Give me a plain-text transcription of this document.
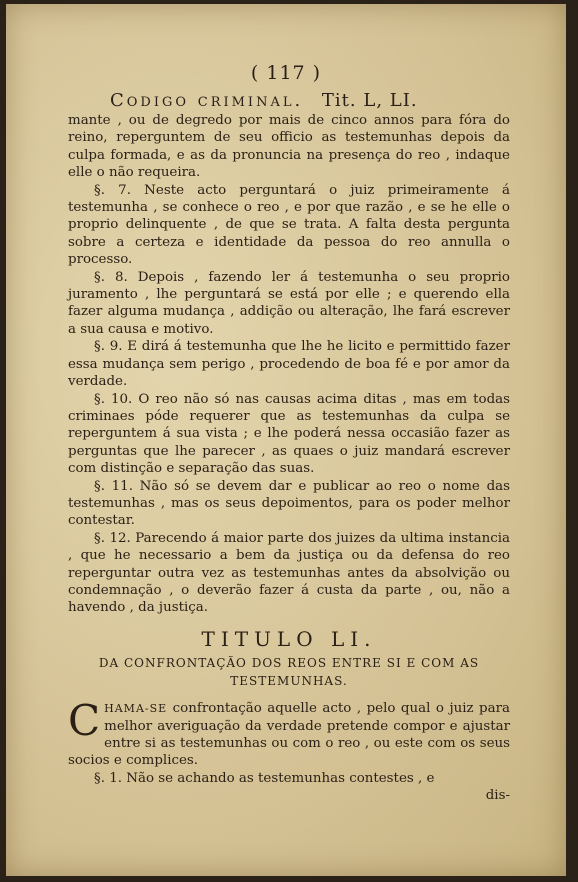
( 117 )
Codigo criminal. Tit. L, LI.

mante , ou de degredo por mais de cinco annos para fóra do reino, reperguntem de seu officio as testemunhas depois da culpa formada, e as da pronuncia na presença do reo , indaque elle o não requeira.

§. 7. Neste acto perguntará o juiz primeiramente á testemunha , se conhece o reo , e por que razão , e se he elle o proprio delinquente , de que se trata. A falta desta pergunta sobre a certeza e identidade da pessoa do reo annulla o processo.

§. 8. Depois , fazendo ler á testemunha o seu proprio juramento , lhe perguntará se está por elle ; e querendo ella fazer alguma mudança , addição ou alteração, lhe fará escrever a sua causa e motivo.

§. 9. E dirá á testemunha que lhe he licito e permittido fazer essa mudança sem perigo , procedendo de boa fé e por amor da verdade.

§. 10. O reo não só nas causas acima ditas , mas em todas criminaes póde requerer que as testemunhas da culpa se reperguntem á sua vista ; e lhe poderá nessa occasião fazer as perguntas que lhe parecer , as quaes o juiz mandará escrever com distinção e separação das suas.

§. 11. Não só se devem dar e publicar ao reo o nome das testemunhas , mas os seus depoimentos, para os poder melhor contestar.

§. 12. Parecendo á maior parte dos juizes da ultima instancia , que he necessario a bem da justiça ou da defensa do reo reperguntar outra vez as testemunhas antes da absolvição ou condemnação , o deverão fazer á custa da parte , ou, não a havendo , da justiça.

TITULO LI.
DA CONFRONTAÇÃO DOS REOS ENTRE SI E COM AS TESTEMUNHAS.

CHAMA-SE confrontação aquelle acto , pelo qual o juiz para melhor averiguação da verdade pretende compor e ajustar entre si as testemunhas ou com o reo , ou este com os seus socios e complices.

§. 1. Não se achando as testemunhas contestes , e

dis-
